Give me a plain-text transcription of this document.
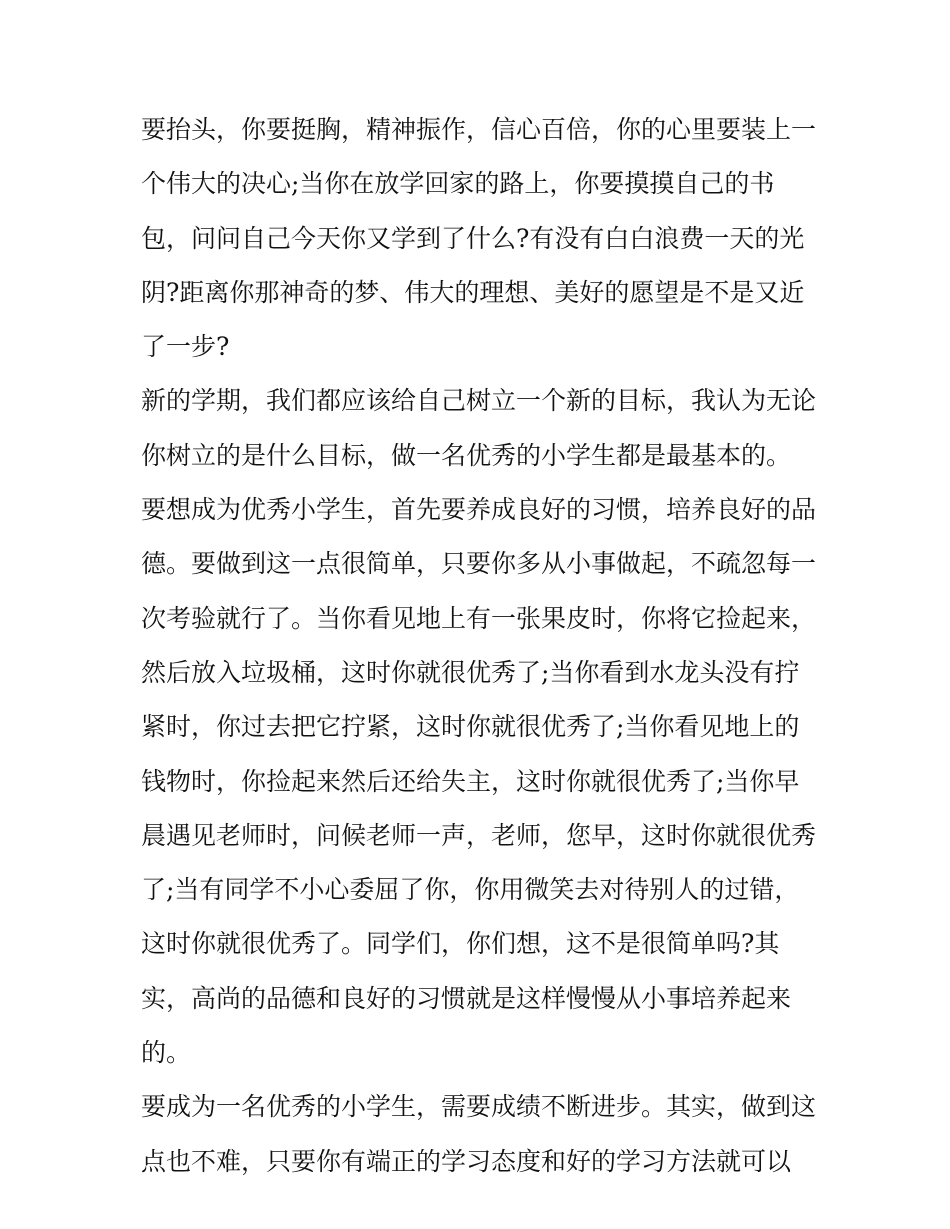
要抬头，你要挺胸，精神振作，信心百倍，你的心里要装上一
个伟大的决心;当你在放学回家的路上，你要摸摸自己的书
包，问问自己今天你又学到了什么?有没有白白浪费一天的光
阴?距离你那神奇的梦、伟大的理想、美好的愿望是不是又近
了一步?
新的学期，我们都应该给自己树立一个新的目标，我认为无论
你树立的是什么目标，做一名优秀的小学生都是最基本的。
要想成为优秀小学生，首先要养成良好的习惯，培养良好的品
德。要做到这一点很简单，只要你多从小事做起，不疏忽每一
次考验就行了。当你看见地上有一张果皮时，你将它捡起来，
然后放入垃圾桶，这时你就很优秀了;当你看到水龙头没有拧
紧时，你过去把它拧紧，这时你就很优秀了;当你看见地上的
钱物时，你捡起来然后还给失主，这时你就很优秀了;当你早
晨遇见老师时，问候老师一声，老师，您早，这时你就很优秀
了;当有同学不小心委屈了你，你用微笑去对待别人的过错，
这时你就很优秀了。同学们，你们想，这不是很简单吗?其
实，高尚的品德和良好的习惯就是这样慢慢从小事培养起来
的。
要成为一名优秀的小学生，需要成绩不断进步。其实，做到这
点也不难，只要你有端正的学习态度和好的学习方法就可以
